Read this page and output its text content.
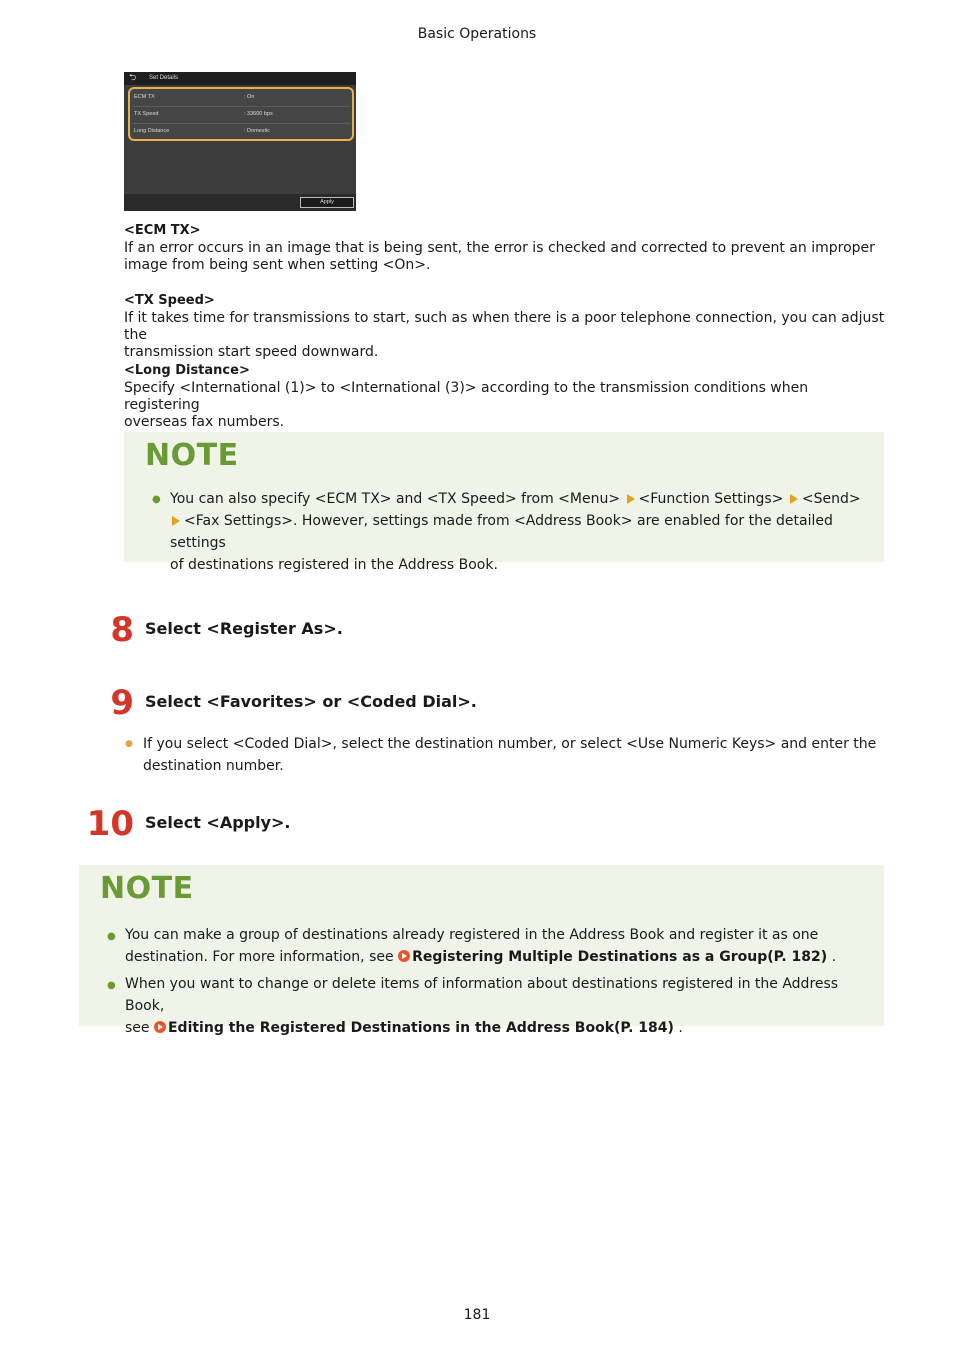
Basic Operations
⮌ Set Details
ECM TX	: On
TX Speed	: 33600 bps
Long Distance	: Domestic
Apply
<ECM TX>
If an error occurs in an image that is being sent, the error is checked and corrected to prevent an improper
image from being sent when setting <On>.
<TX Speed>
If it takes time for transmissions to start, such as when there is a poor telephone connection, you can adjust the
transmission start speed downward.
<Long Distance>
Specify <International (1)> to <International (3)> according to the transmission conditions when registering
overseas fax numbers.
NOTE
● You can also specify <ECM TX> and <TX Speed> from <Menu> <Function Settings> <Send>
<Fax Settings>. However, settings made from <Address Book> are enabled for the detailed settings
of destinations registered in the Address Book.
8 Select <Register As>.
9 Select <Favorites> or <Coded Dial>.
● If you select <Coded Dial>, select the destination number, or select <Use Numeric Keys> and enter the
destination number.
10 Select <Apply>.
NOTE
● You can make a group of destinations already registered in the Address Book and register it as one
destination. For more information, see Registering Multiple Destinations as a Group(P. 182) .
● When you want to change or delete items of information about destinations registered in the Address Book,
see Editing the Registered Destinations in the Address Book(P. 184) .
181
